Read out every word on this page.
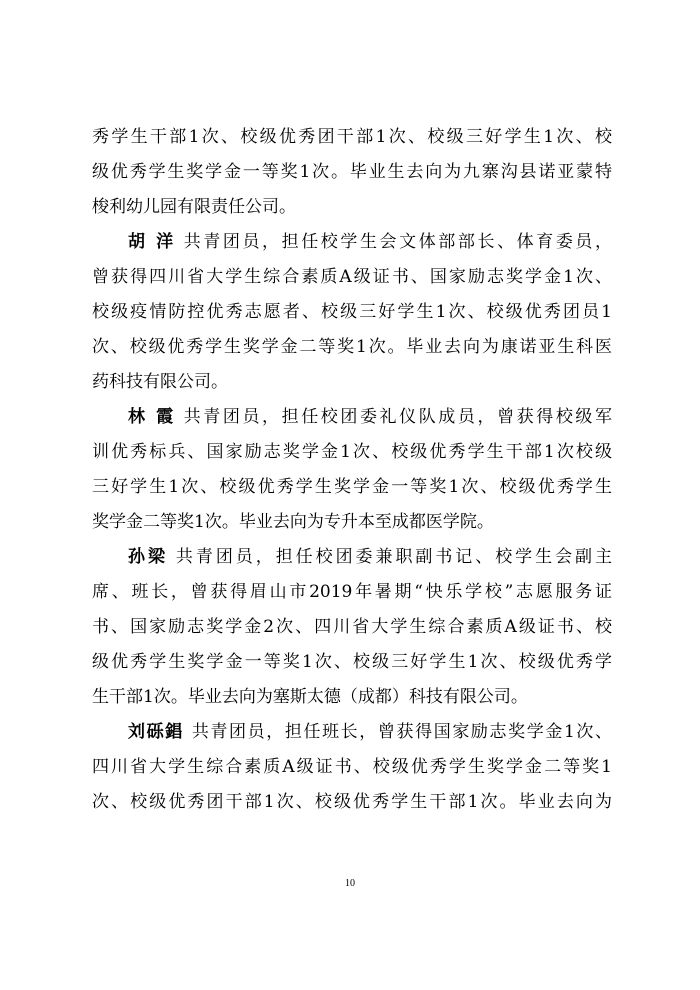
秀学生干部1次、校级优秀团干部1次、校级三好学生1次、校
级优秀学生奖学金一等奖1次。毕业生去向为九寨沟县诺亚蒙特
梭利幼儿园有限责任公司。
胡 洋 共青团员，担任校学生会文体部部长、体育委员，
曾获得四川省大学生综合素质A级证书、国家励志奖学金1次、
校级疫情防控优秀志愿者、校级三好学生1次、校级优秀团员1
次、校级优秀学生奖学金二等奖1次。毕业去向为康诺亚生科医
药科技有限公司。
林 霞 共青团员，担任校团委礼仪队成员，曾获得校级军
训优秀标兵、国家励志奖学金1次、校级优秀学生干部1次校级
三好学生1次、校级优秀学生奖学金一等奖1次、校级优秀学生
奖学金二等奖1次。毕业去向为专升本至成都医学院。
孙梁 共青团员，担任校团委兼职副书记、校学生会副主
席、班长，曾获得眉山市2019年暑期“快乐学校”志愿服务证
书、国家励志奖学金2次、四川省大学生综合素质A级证书、校
级优秀学生奖学金一等奖1次、校级三好学生1次、校级优秀学
生干部1次。毕业去向为塞斯太德（成都）科技有限公司。
刘砾錩 共青团员，担任班长，曾获得国家励志奖学金1次、
四川省大学生综合素质A级证书、校级优秀学生奖学金二等奖1
次、校级优秀团干部1次、校级优秀学生干部1次。毕业去向为
10
